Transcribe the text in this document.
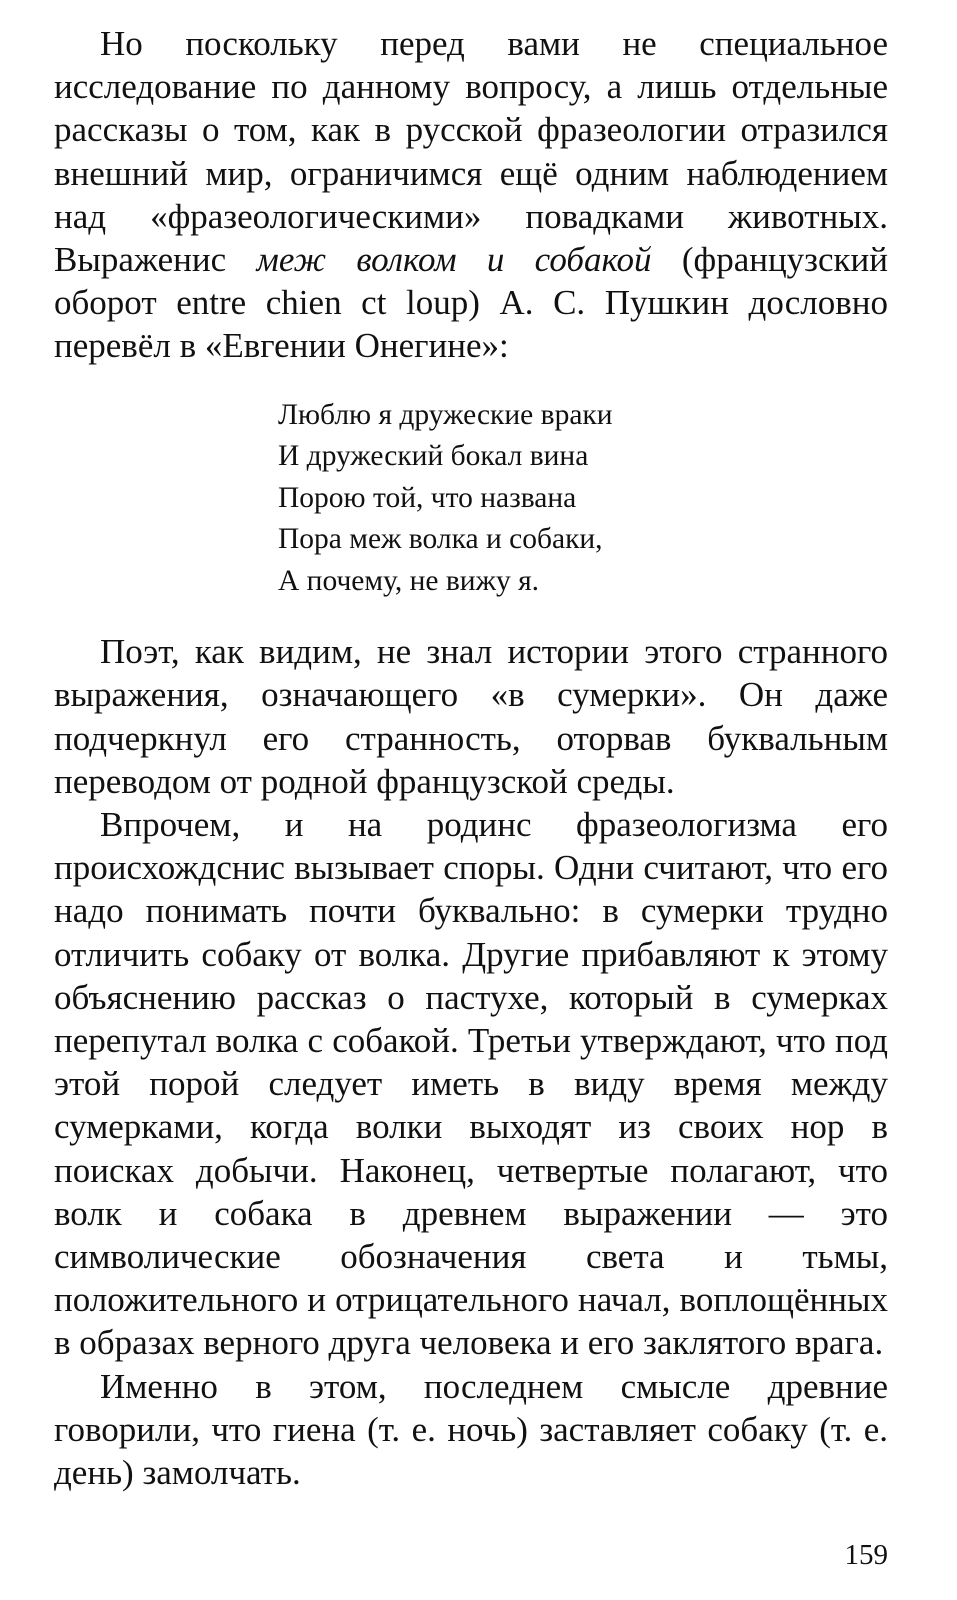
Но поскольку перед вами не специальное исследование по данному вопросу, а лишь отдельные рассказы о том, как в русской фразеологии отразился внешний мир, ограничимся ещё одним наблюдением над «фразеологическими» повадками животных. Выраженис меж волком и собакой (французский оборот entre chien ct loup) А. С. Пушкин дословно перевёл в «Евгении Онегине»:

Люблю я дружеские враки
И дружеский бокал вина
Порою той, что названа
Пора меж волка и собаки,
А почему, не вижу я.

Поэт, как видим, не знал истории этого странного выражения, означающего «в сумерки». Он даже подчеркнул его странность, оторвав буквальным переводом от родной французской среды.

Впрочем, и на родинс фразеологизма его происхождснис вызывает споры. Одни считают, что его надо понимать почти буквально: в сумерки трудно отличить собаку от волка. Другие прибавляют к этому объяснению рассказ о пастухе, который в сумерках перепутал волка с собакой. Третьи утверждают, что под этой порой следует иметь в виду время между сумерками, когда волки выходят из своих нор в поисках добычи. Наконец, четвертые полагают, что волк и собака в древнем выражении — это символические обозначения света и тьмы, положительного и отрицательного начал, воплощённых в образах верного друга человека и его заклятого врага.

Именно в этом, последнем смысле древние говорили, что гиена (т. е. ночь) заставляет собаку (т. е. день) замолчать.

159
